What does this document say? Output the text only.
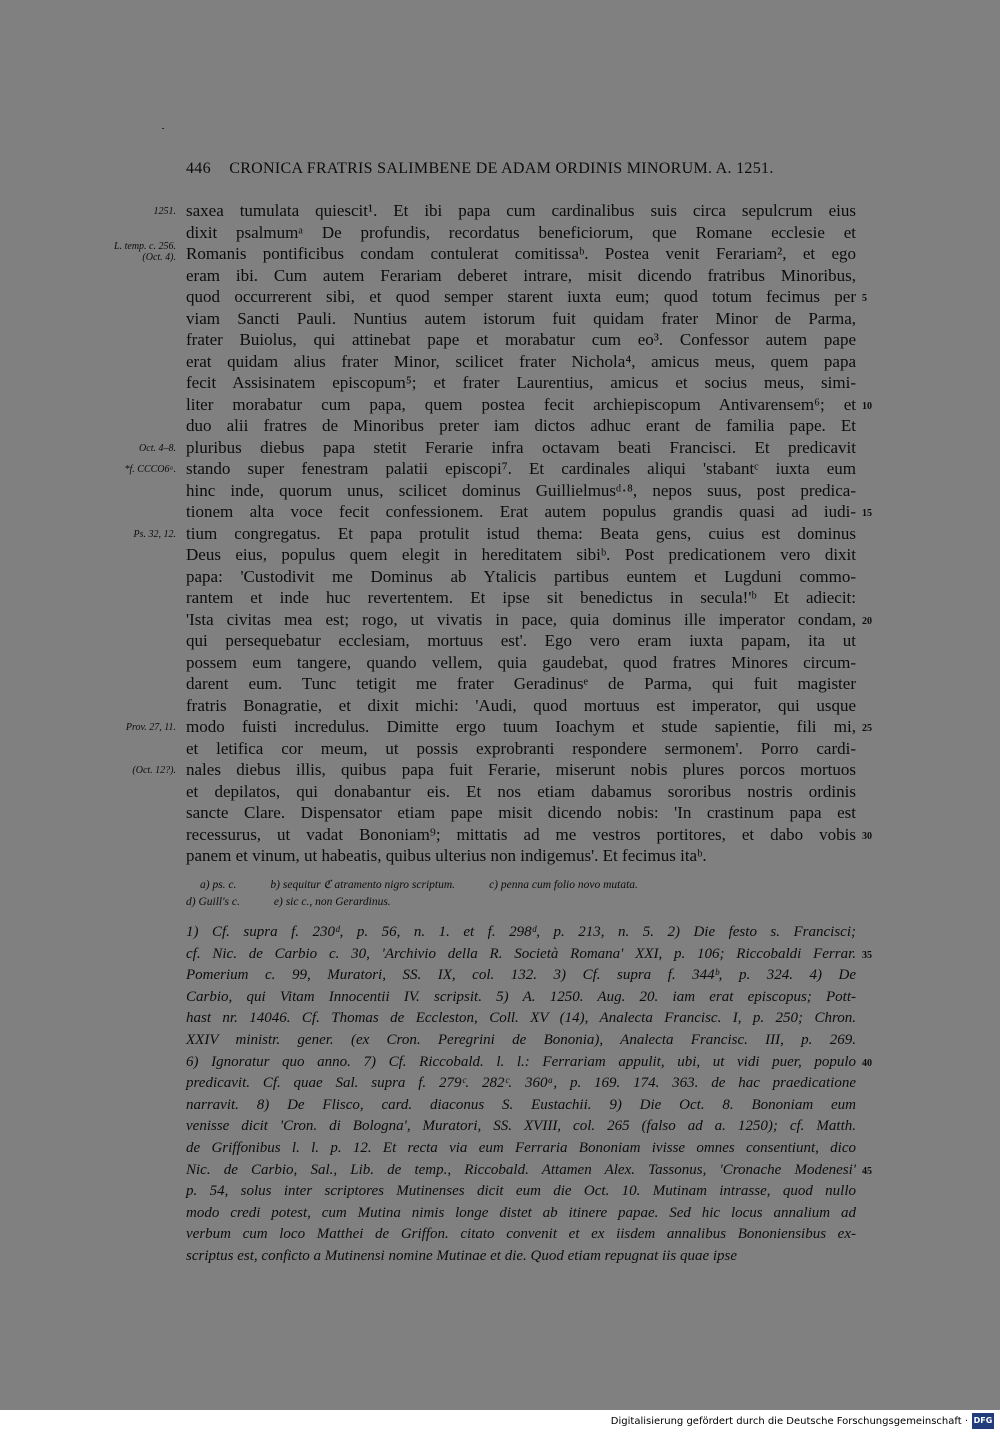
446 CRONICA FRATRIS SALIMBENE DE ADAM ORDINIS MINORUM. A. 1251.
saxea tumulata quiescit¹. Et ibi papa cum cardinalibus suis circa sepulcrum eius
dixit psalmumᵃ De profundis, recordatus beneficiorum, que Romane ecclesie et
Romanis pontificibus condam contulerat comitissaᵇ. Postea venit Ferariam², et ego
eram ibi. Cum autem Ferariam deberet intrare, misit dicendo fratribus Minoribus,
quod occurrerent sibi, et quod semper starent iuxta eum; quod totum fecimus per
viam Sancti Pauli. Nuntius autem istorum fuit quidam frater Minor de Parma,
frater Buiolus, qui attinebat pape et morabatur cum eo³. Confessor autem pape
erat quidam alius frater Minor, scilicet frater Nichola⁴, amicus meus, quem papa
fecit Assisinatem episcopum⁵; et frater Laurentius, amicus et socius meus, simi-
liter morabatur cum papa, quem postea fecit archiepiscopum Antivarensem⁶; et
duo alii fratres de Minoribus preter iam dictos adhuc erant de familia pape. Et
pluribus diebus papa stetit Ferarie infra octavam beati Francisci. Et predicavit
stando super fenestram palatii episcopi⁷. Et cardinales aliqui 'stabantᶜ iuxta eum
hinc inde, quorum unus, scilicet dominus Guillielmusᵈ·⁸, nepos suus, post predica-
tionem alta voce fecit confessionem. Erat autem populus grandis quasi ad iudi-
tium congregatus. Et papa protulit istud thema: Beata gens, cuius est dominus
Deus eius, populus quem elegit in hereditatem sibiᵇ. Post predicationem vero dixit
papa: 'Custodivit me Dominus ab Ytalicis partibus euntem et Lugduni commo-
rantem et inde huc revertentem. Et ipse sit benedictus in secula!'ᵇ Et adiecit:
'Ista civitas mea est; rogo, ut vivatis in pace, quia dominus ille imperator condam,
qui persequebatur ecclesiam, mortuus est'. Ego vero eram iuxta papam, ita ut
possem eum tangere, quando vellem, quia gaudebat, quod fratres Minores circum-
darent eum. Tunc tetigit me frater Geradinusᵉ de Parma, qui fuit magister
fratris Bonagratie, et dixit michi: 'Audi, quod mortuus est imperator, qui usque
modo fuisti incredulus. Dimitte ergo tuum Ioachym et stude sapientie, fili mi,
et letifica cor meum, ut possis exprobranti respondere sermonem'. Porro cardi-
nales diebus illis, quibus papa fuit Ferarie, miserunt nobis plures porcos mortuos
et depilatos, qui donabantur eis. Et nos etiam dabamus sororibus nostris ordinis
sancte Clare. Dispensator etiam pape misit dicendo nobis: 'In crastinum papa est
recessurus, ut vadat Bononiam⁹; mittatis ad me vestros portitores, et dabo vobis
panem et vinum, ut habeatis, quibus ulterius non indigemus'. Et fecimus itaᵇ.
1251.
L. temp. c. 256.
(Oct. 4).
Oct. 4–8.
*f. CCCO6ᵃ.
Ps. 32, 12.
Prov. 27, 11.
(Oct. 12?).
5
10
15
20
25
30
a) ps. c.	b) sequitur ℭ atramento nigro scriptum.	c) penna cum folio novo mutata.
d) Guill's c.	e) sic c., non Gerardinus.
1) Cf. supra f. 230ᵈ, p. 56, n. 1. et f. 298ᵈ, p. 213, n. 5. 2) Die festo s. Francisci;
cf. Nic. de Carbio c. 30, 'Archivio della R. Società Romana' XXI, p. 106; Riccobaldi Ferrar.
Pomerium c. 99, Muratori, SS. IX, col. 132. 3) Cf. supra f. 344ᵇ, p. 324. 4) De
Carbio, qui Vitam Innocentii IV. scripsit. 5) A. 1250. Aug. 20. iam erat episcopus; Pott-
hast nr. 14046. Cf. Thomas de Eccleston, Coll. XV (14), Analecta Francisc. I, p. 250; Chron.
XXIV ministr. gener. (ex Cron. Peregrini de Bononia), Analecta Francisc. III, p. 269.
6) Ignoratur quo anno. 7) Cf. Riccobald. l. l.: Ferrariam appulit, ubi, ut vidi puer, populo
predicavit. Cf. quae Sal. supra f. 279ᶜ. 282ᶜ. 360ᵃ, p. 169. 174. 363. de hac praedicatione
narravit. 8) De Flisco, card. diaconus S. Eustachii. 9) Die Oct. 8. Bononiam eum
venisse dicit 'Cron. di Bologna', Muratori, SS. XVIII, col. 265 (falso ad a. 1250); cf. Matth.
de Griffonibus l. l. p. 12. Et recta via eum Ferraria Bononiam ivisse omnes consentiunt, dico
Nic. de Carbio, Sal., Lib. de temp., Riccobald. Attamen Alex. Tassonus, 'Cronache Modenesi'
p. 54, solus inter scriptores Mutinenses dicit eum die Oct. 10. Mutinam intrasse, quod nullo
modo credi potest, cum Mutina nimis longe distet ab itinere papae. Sed hic locus annalium ad
verbum cum loco Matthei de Griffon. citato convenit et ex iisdem annalibus Bononiensibus ex-
scriptus est, conficto a Mutinensi nomine Mutinae et die. Quod etiam repugnat iis quae ipse
35
40
45
Digitalisierung gefördert durch die Deutsche Forschungsgemeinschaft · DFG
